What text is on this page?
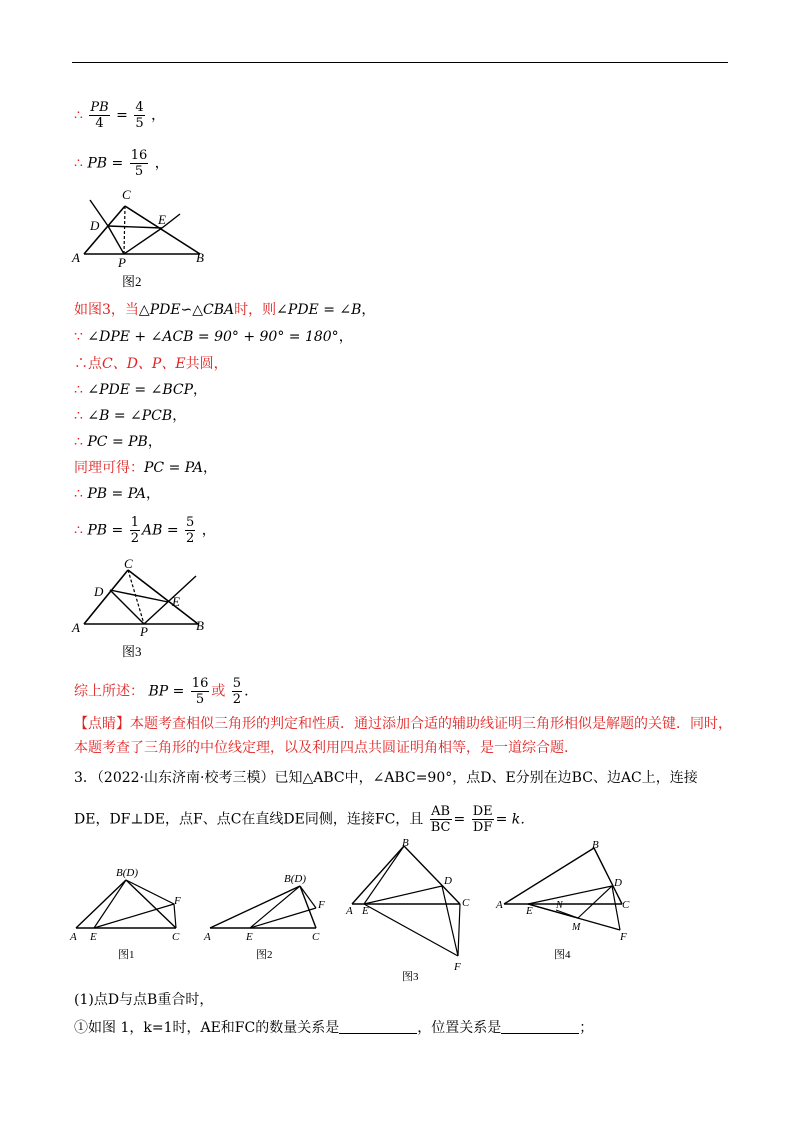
∴ $\frac{PB}{4} = \frac{4}{5}$ ，
∴ PB = $\frac{16}{5}$ ，
C
D	E
A	B
P
图2
如图3，当△PDE∽△CBA时，则∠PDE = ∠B，
∵ ∠DPE + ∠ACB = 90° + 90° = 180°，
∴点C、D、P、E共圆，
∴ ∠PDE = ∠BCP，
∴ ∠B = ∠PCB，
∴ PC = PB，
同理可得：PC = PA，
∴ PB = PA，
∴ PB = $\frac{1}{2}$ AB = $\frac{5}{2}$ ，
C
D
E
A	B
P
图3
综上所述： BP = $\frac{16}{5}$ 或 $\frac{5}{2}$ .
【点睛】本题考查相似三角形的判定和性质．通过添加合适的辅助线证明三角形相似是解题的关键．同时，本题考查了三角形的中位线定理，以及利用四点共圆证明角相等，是一道综合题.
3．（2022·山东济南·校考三模）已知△ABC中，∠ABC=90°，点D、E分别在边BC、边AC上，连接
DE，DF⊥DE，点F、点C在直线DE同侧，连接FC，且 $\frac{AB}{BC} = \frac{DE}{DF} = k$．
B(D)
F
A E	C
图1
B(D)
F
A	E	C
图2
B
D
A E
C
F
图3
B
D
A E N
M
C
F
图4
(1)点D与点B重合时，
①如图 1，k=1时，AE和FC的数量关系是	，位置关系是	；
